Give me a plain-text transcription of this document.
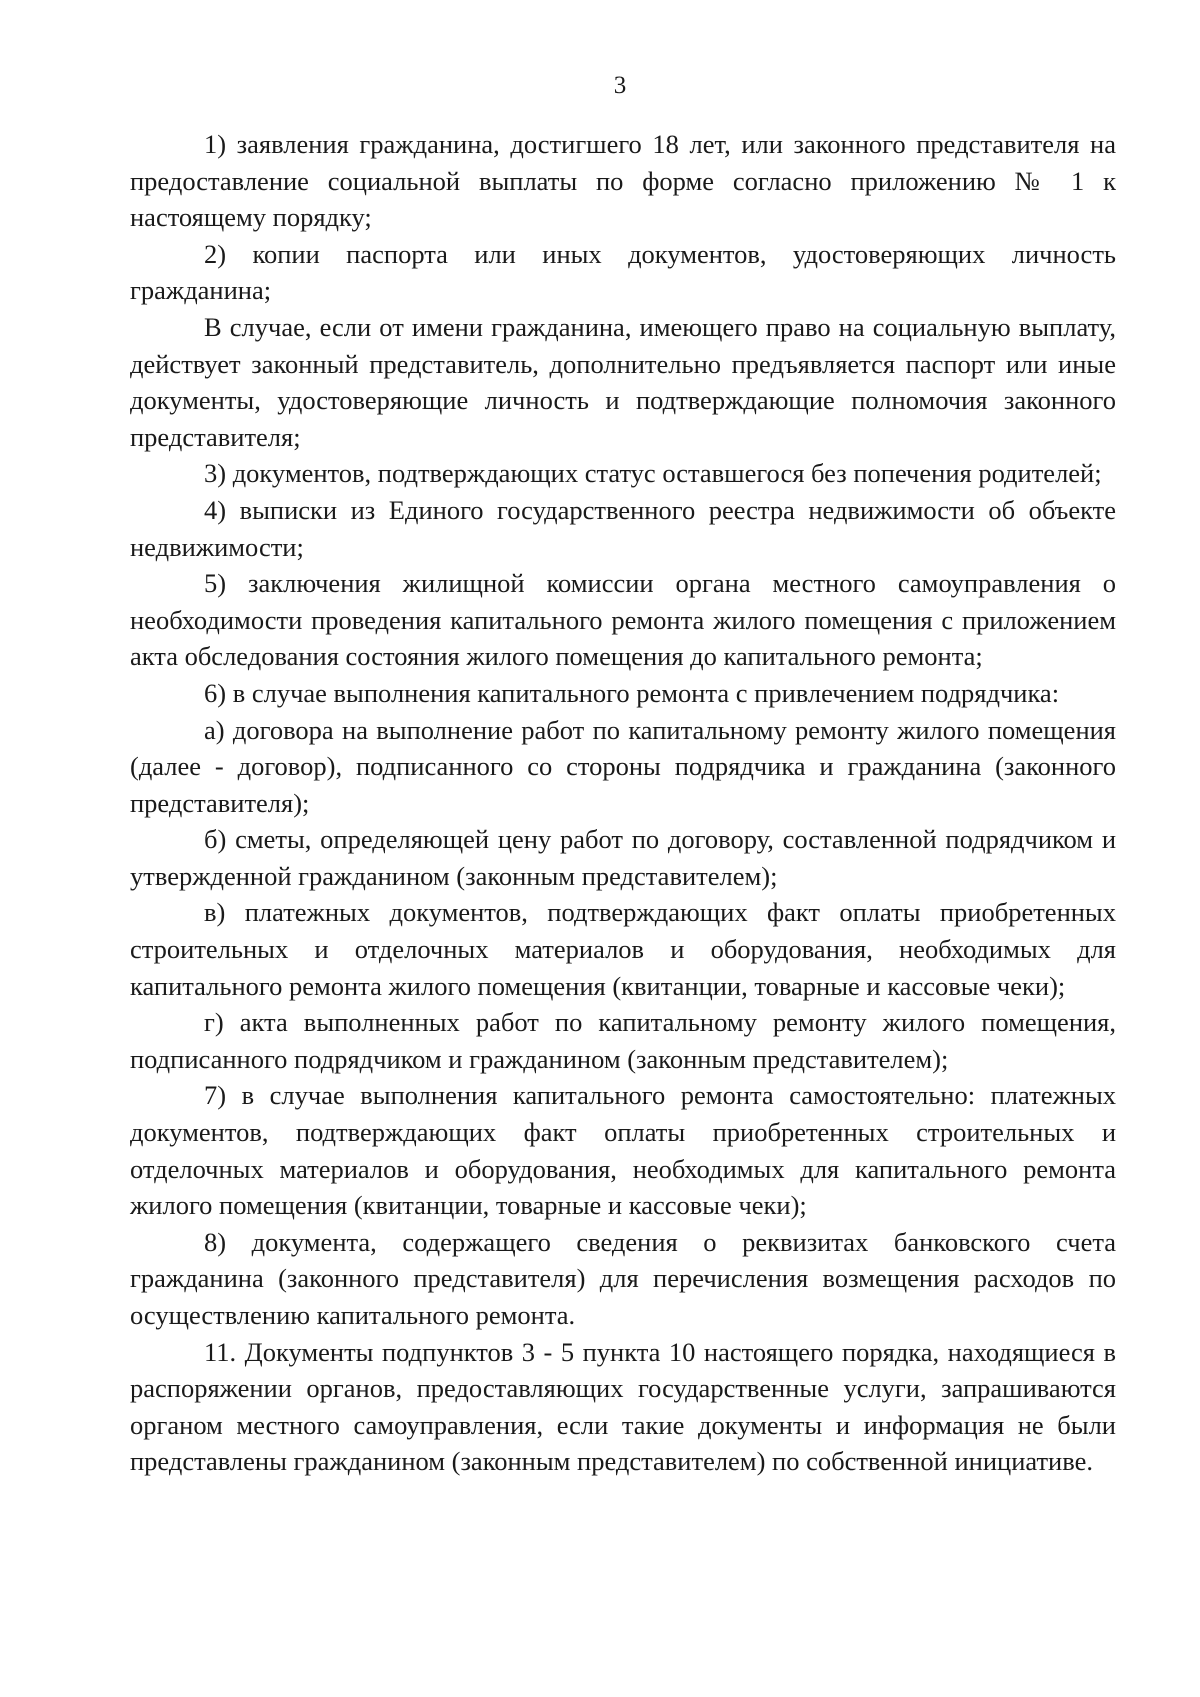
3

1) заявления гражданина, достигшего 18 лет, или законного представителя на предоставление социальной выплаты по форме согласно приложению № 1 к настоящему порядку;

2) копии паспорта или иных документов, удостоверяющих личность гражданина;

В случае, если от имени гражданина, имеющего право на социальную выплату, действует законный представитель, дополнительно предъявляется паспорт или иные документы, удостоверяющие личность и подтверждающие полномочия законного представителя;

3) документов, подтверждающих статус оставшегося без попечения родителей;

4) выписки из Единого государственного реестра недвижимости об объекте недвижимости;

5) заключения жилищной комиссии органа местного самоуправления о необходимости проведения капитального ремонта жилого помещения с приложением акта обследования состояния жилого помещения до капитального ремонта;

6) в случае выполнения капитального ремонта с привлечением подрядчика:

а) договора на выполнение работ по капитальному ремонту жилого помещения (далее - договор), подписанного со стороны подрядчика и гражданина (законного представителя);

б) сметы, определяющей цену работ по договору, составленной подрядчиком и утвержденной гражданином (законным представителем);

в) платежных документов, подтверждающих факт оплаты приобретенных строительных и отделочных материалов и оборудования, необходимых для капитального ремонта жилого помещения (квитанции, товарные и кассовые чеки);

г) акта выполненных работ по капитальному ремонту жилого помещения, подписанного подрядчиком и гражданином (законным представителем);

7) в случае выполнения капитального ремонта самостоятельно: платежных документов, подтверждающих факт оплаты приобретенных строительных и отделочных материалов и оборудования, необходимых для капитального ремонта жилого помещения (квитанции, товарные и кассовые чеки);

8) документа, содержащего сведения о реквизитах банковского счета гражданина (законного представителя) для перечисления возмещения расходов по осуществлению капитального ремонта.

11. Документы подпунктов 3 - 5 пункта 10 настоящего порядка, находящиеся в распоряжении органов, предоставляющих государственные услуги, запрашиваются органом местного самоуправления, если такие документы и информация не были представлены гражданином (законным представителем) по собственной инициативе.
